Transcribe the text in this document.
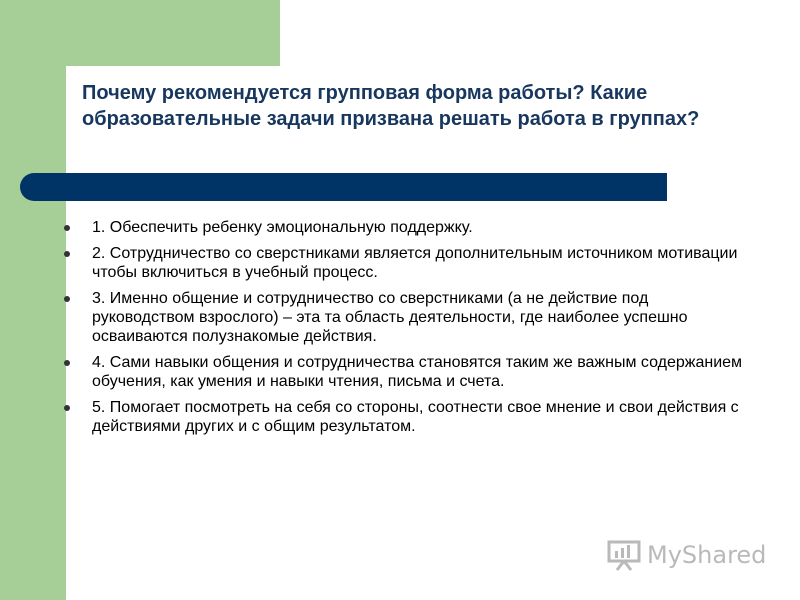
Почему рекомендуется групповая форма работы? Какие образовательные задачи призвана решать работа в группах?
1. Обеспечить ребенку эмоциональную поддержку.
2. Сотрудничество со сверстниками является дополнительным источником мотивации чтобы включиться в учебный процесс.
3. Именно общение и сотрудничество со сверстниками (а не действие под руководством взрослого) – эта та область деятельности, где наиболее успешно осваиваются полузнакомые действия.
4. Сами навыки общения и сотрудничества становятся таким же важным содержанием обучения, как умения и навыки чтения, письма и счета.
5. Помогает посмотреть на себя со стороны, соотнести свое мнение и свои действия с действиями других и с общим результатом.
MyShared
